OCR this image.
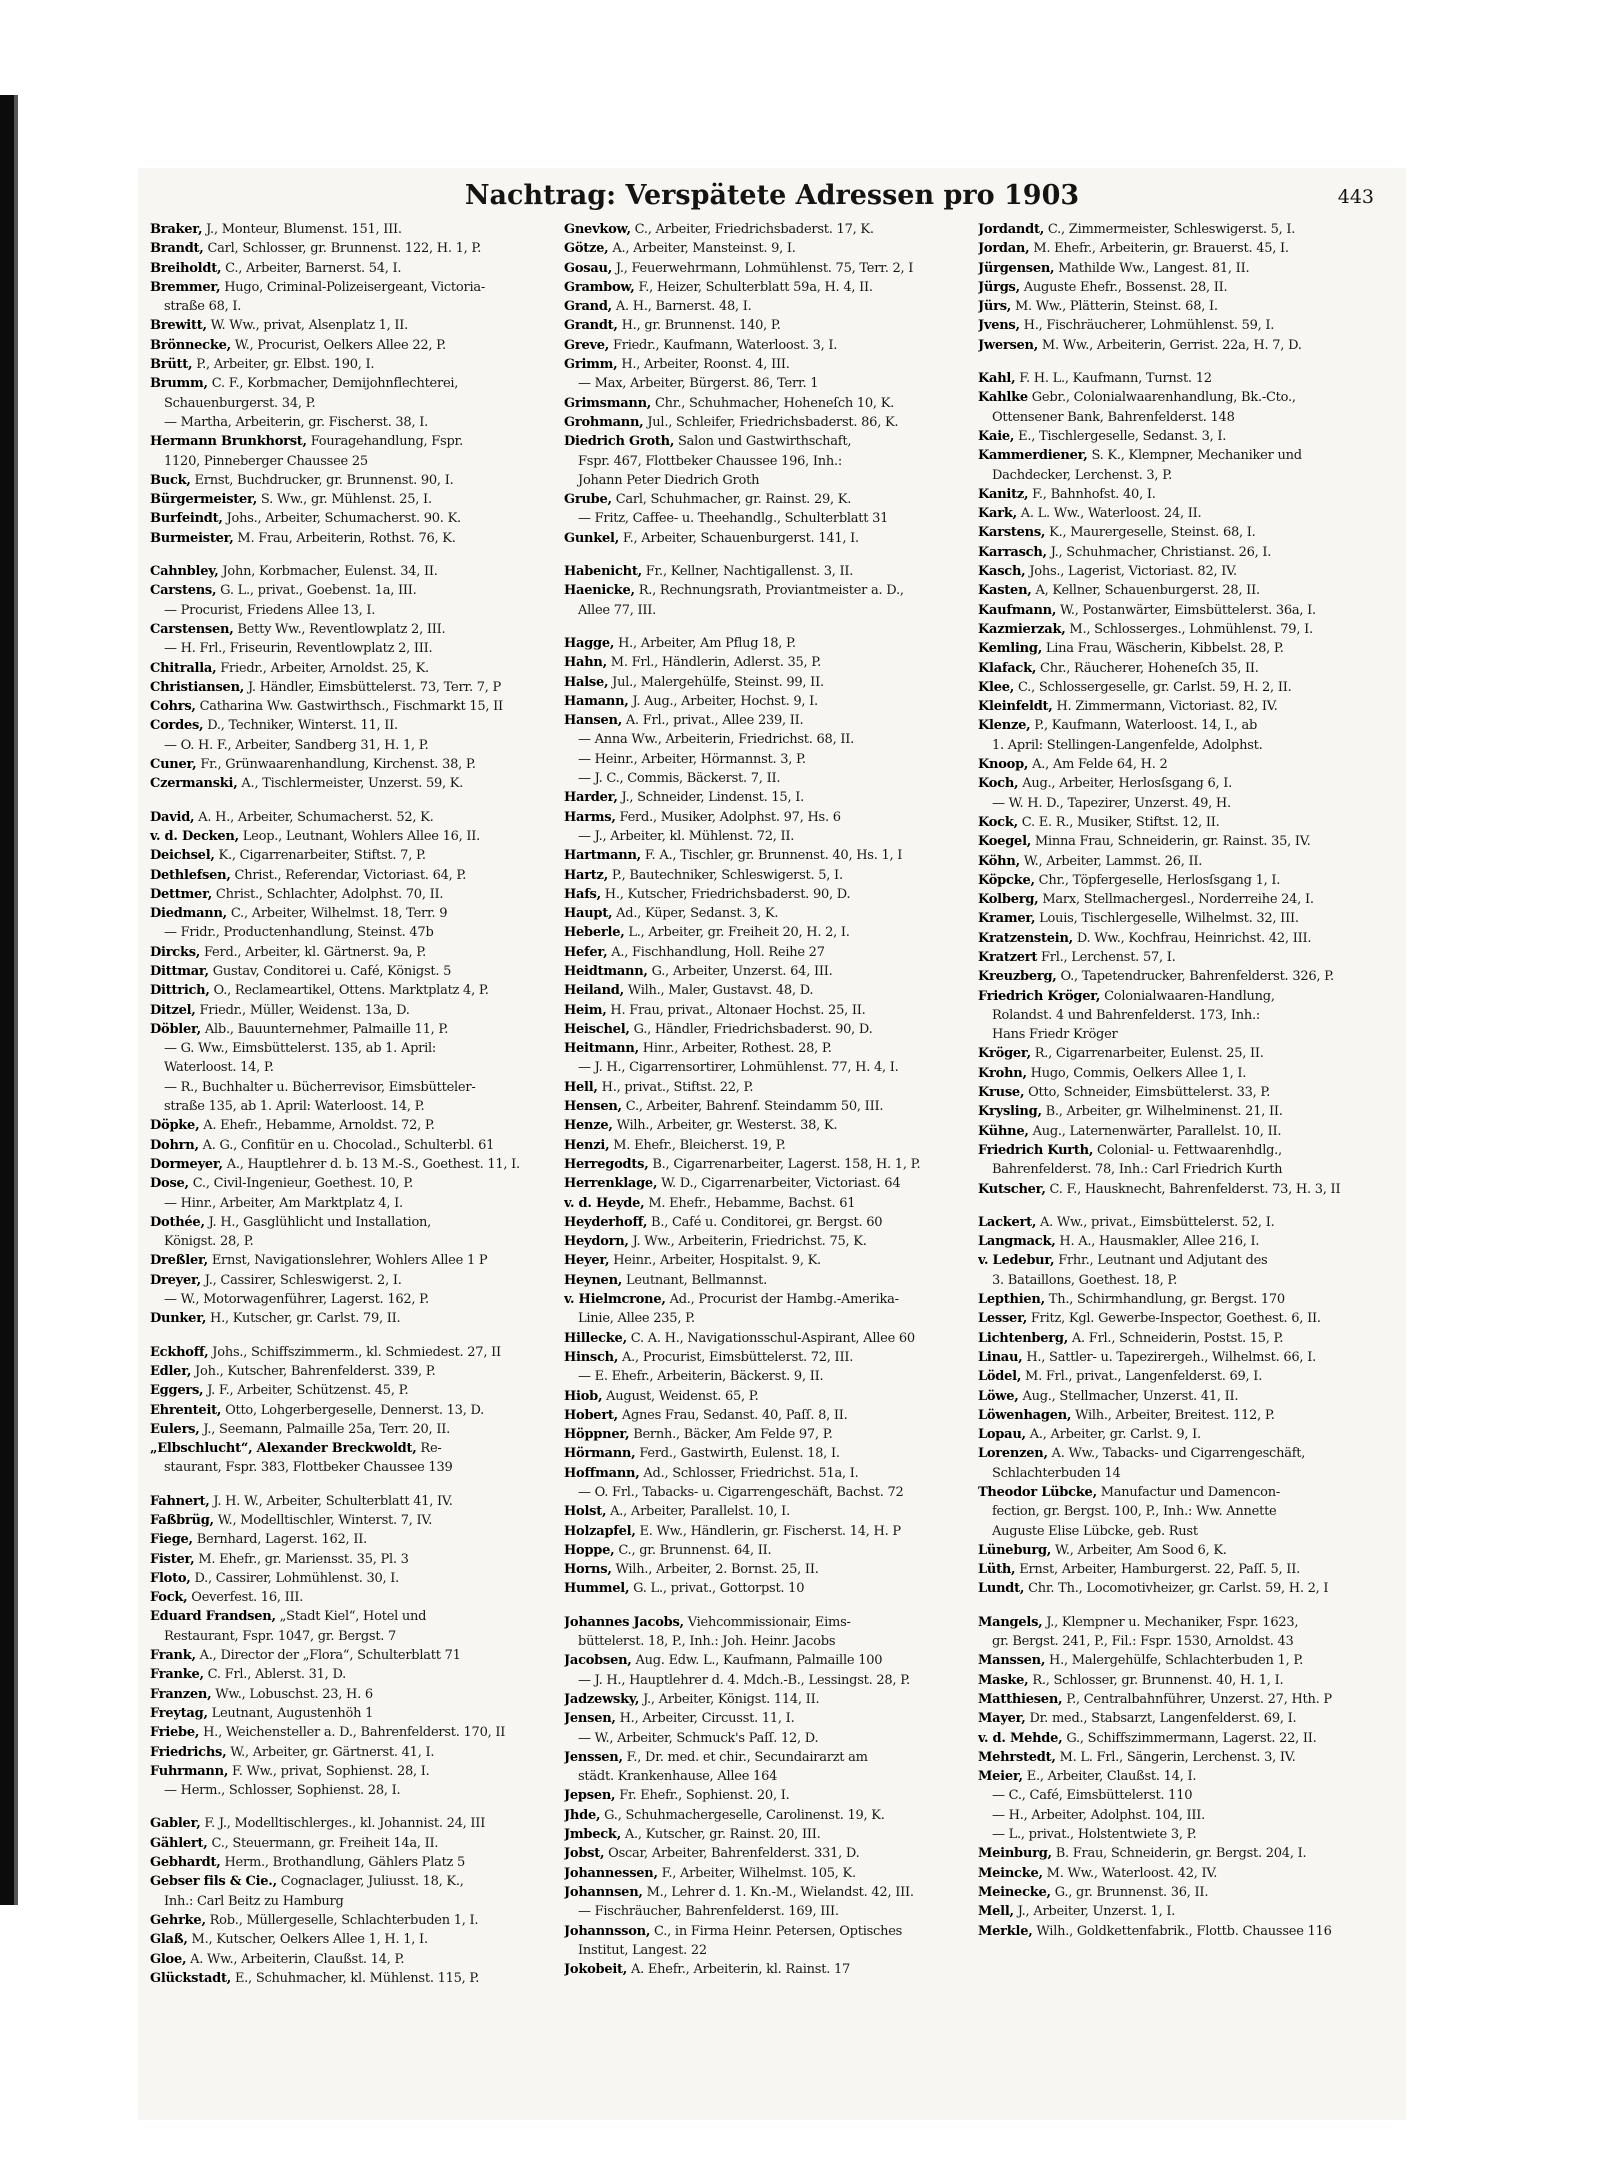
Nachtrag: Verspätete Adressen pro 1903	443
Braker, J., Monteur, Blumenst. 151, III.
Brandt, Carl, Schlosser, gr. Brunnenst. 122, H. 1, P.
Breiholdt, C., Arbeiter, Barnerst. 54, I.
Bremmer, Hugo, Criminal-Polizeisergeant, Victoria-
straße 68, I.
Brewitt, W. Ww., privat, Alsenplatz 1, II.
Brönnecke, W., Procurist, Oelkers Allee 22, P.
Brütt, P., Arbeiter, gr. Elbst. 190, I.
Brumm, C. F., Korbmacher, Demijohnflechterei,
Schauenburgerst. 34, P.
— Martha, Arbeiterin, gr. Fischerst. 38, I.
Hermann Brunkhorst, Fouragehandlung, Fspr.
1120, Pinneberger Chaussee 25
Buck, Ernst, Buchdrucker, gr. Brunnenst. 90, I.
Bürgermeister, S. Ww., gr. Mühlenst. 25, I.
Burfeindt, Johs., Arbeiter, Schumacherst. 90. K.
Burmeister, M. Frau, Arbeiterin, Rothst. 76, K.
Cahnbley, John, Korbmacher, Eulenst. 34, II.
Carstens, G. L., privat., Goebenst. 1a, III.
— Procurist, Friedens Allee 13, I.
Carstensen, Betty Ww., Reventlowplatz 2, III.
— H. Frl., Friseurin, Reventlowplatz 2, III.
Chitralla, Friedr., Arbeiter, Arnoldst. 25, K.
Christiansen, J. Händler, Eimsbüttelerst. 73, Terr. 7, P
Cohrs, Catharina Ww. Gastwirthsch., Fischmarkt 15, II
Cordes, D., Techniker, Winterst. 11, II.
— O. H. F., Arbeiter, Sandberg 31, H. 1, P.
Cuner, Fr., Grünwaarenhandlung, Kirchenst. 38, P.
Czermanski, A., Tischlermeister, Unzerst. 59, K.
David, A. H., Arbeiter, Schumacherst. 52, K.
v. d. Decken, Leop., Leutnant, Wohlers Allee 16, II.
Deichsel, K., Cigarrenarbeiter, Stiftst. 7, P.
Dethlefsen, Christ., Referendar, Victoriast. 64, P.
Dettmer, Christ., Schlachter, Adolphst. 70, II.
Diedmann, C., Arbeiter, Wilhelmst. 18, Terr. 9
— Fridr., Productenhandlung, Steinst. 47b
Dircks, Ferd., Arbeiter, kl. Gärtnerst. 9a, P.
Dittmar, Gustav, Conditorei u. Café, Königst. 5
Dittrich, O., Reclameartikel, Ottens. Marktplatz 4, P.
Ditzel, Friedr., Müller, Weidenst. 13a, D.
Döbler, Alb., Bauunternehmer, Palmaille 11, P.
— G. Ww., Eimsbüttelerst. 135, ab 1. April:
Waterloost. 14, P.
— R., Buchhalter u. Bücherrevisor, Eimsbütteler-
straße 135, ab 1. April: Waterloost. 14, P.
Döpke, A. Ehefr., Hebamme, Arnoldst. 72, P.
Dohrn, A. G., Confitür en u. Chocolad., Schulterbl. 61
Dormeyer, A., Hauptlehrer d. b. 13 M.-S., Goethest. 11, I.
Dose, C., Civil-Ingenieur, Goethest. 10, P.
— Hinr., Arbeiter, Am Marktplatz 4, I.
Dothée, J. H., Gasglühlicht und Installation,
Königst. 28, P.
Dreßler, Ernst, Navigationslehrer, Wohlers Allee 1 P
Dreyer, J., Cassirer, Schleswigerst. 2, I.
— W., Motorwagenführer, Lagerst. 162, P.
Dunker, H., Kutscher, gr. Carlst. 79, II.
Eckhoff, Johs., Schiffszimmerm., kl. Schmiedest. 27, II
Edler, Joh., Kutscher, Bahrenfelderst. 339, P.
Eggers, J. F., Arbeiter, Schützenst. 45, P.
Ehrenteit, Otto, Lohgerbergeselle, Dennerst. 13, D.
Eulers, J., Seemann, Palmaille 25a, Terr. 20, II.
„Elbschlucht“, Alexander Breckwoldt, Re-
staurant, Fspr. 383, Flottbeker Chaussee 139
Fahnert, J. H. W., Arbeiter, Schulterblatt 41, IV.
Faßbrüg, W., Modelltischler, Winterst. 7, IV.
Fiege, Bernhard, Lagerst. 162, II.
Fister, M. Ehefr., gr. Mariensst. 35, Pl. 3
Floto, D., Cassirer, Lohmühlenst. 30, I.
Fock, Oeverfest. 16, III.
Eduard Frandsen, „Stadt Kiel“, Hotel und
Restaurant, Fspr. 1047, gr. Bergst. 7
Frank, A., Director der „Flora“, Schulterblatt 71
Franke, C. Frl., Ablerst. 31, D.
Franzen, Ww., Lobuschst. 23, H. 6
Freytag, Leutnant, Augustenhöh 1
Friebe, H., Weichensteller a. D., Bahrenfelderst. 170, II
Friedrichs, W., Arbeiter, gr. Gärtnerst. 41, I.
Fuhrmann, F. Ww., privat, Sophienst. 28, I.
— Herm., Schlosser, Sophienst. 28, I.
Gabler, F. J., Modelltischlerges., kl. Johannist. 24, III
Gählert, C., Steuermann, gr. Freiheit 14a, II.
Gebhardt, Herm., Brothandlung, Gählers Platz 5
Gebser fils & Cie., Cognaclager, Juliusst. 18, K.,
Inh.: Carl Beitz zu Hamburg
Gehrke, Rob., Müllergeselle, Schlachterbuden 1, I.
Glaß, M., Kutscher, Oelkers Allee 1, H. 1, I.
Gloe, A. Ww., Arbeiterin, Claußst. 14, P.
Glückstadt, E., Schuhmacher, kl. Mühlenst. 115, P.
Gnevkow, C., Arbeiter, Friedrichsbaderst. 17, K.
Götze, A., Arbeiter, Mansteinst. 9, I.
Gosau, J., Feuerwehrmann, Lohmühlenst. 75, Terr. 2, I
Grambow, F., Heizer, Schulterblatt 59a, H. 4, II.
Grand, A. H., Barnerst. 48, I.
Grandt, H., gr. Brunnenst. 140, P.
Greve, Friedr., Kaufmann, Waterloost. 3, I.
Grimm, H., Arbeiter, Roonst. 4, III.
— Max, Arbeiter, Bürgerst. 86, Terr. 1
Grimsmann, Chr., Schuhmacher, Hoheneſch 10, K.
Grohmann, Jul., Schleifer, Friedrichsbaderst. 86, K.
Diedrich Groth, Salon und Gastwirthschaft,
Fspr. 467, Flottbeker Chaussee 196, Inh.:
Johann Peter Diedrich Groth
Grube, Carl, Schuhmacher, gr. Rainst. 29, K.
— Fritz, Caffee- u. Theehandlg., Schulterblatt 31
Gunkel, F., Arbeiter, Schauenburgerst. 141, I.
Habenicht, Fr., Kellner, Nachtigallenst. 3, II.
Haenicke, R., Rechnungsrath, Proviantmeister a. D.,
Allee 77, III.
Hagge, H., Arbeiter, Am Pflug 18, P.
Hahn, M. Frl., Händlerin, Adlerst. 35, P.
Halse, Jul., Malergehülfe, Steinst. 99, II.
Hamann, J. Aug., Arbeiter, Hochst. 9, I.
Hansen, A. Frl., privat., Allee 239, II.
— Anna Ww., Arbeiterin, Friedrichst. 68, II.
— Heinr., Arbeiter, Hörmannst. 3, P.
— J. C., Commis, Bäckerst. 7, II.
Harder, J., Schneider, Lindenst. 15, I.
Harms, Ferd., Musiker, Adolphst. 97, Hs. 6
— J., Arbeiter, kl. Mühlenst. 72, II.
Hartmann, F. A., Tischler, gr. Brunnenst. 40, Hs. 1, I
Hartz, P., Bautechniker, Schleswigerst. 5, I.
Hafs, H., Kutscher, Friedrichsbaderst. 90, D.
Haupt, Ad., Küper, Sedanst. 3, K.
Heberle, L., Arbeiter, gr. Freiheit 20, H. 2, I.
Hefer, A., Fischhandlung, Holl. Reihe 27
Heidtmann, G., Arbeiter, Unzerst. 64, III.
Heiland, Wilh., Maler, Gustavst. 48, D.
Heim, H. Frau, privat., Altonaer Hochst. 25, II.
Heischel, G., Händler, Friedrichsbaderst. 90, D.
Heitmann, Hinr., Arbeiter, Rothest. 28, P.
— J. H., Cigarrensortirer, Lohmühlenst. 77, H. 4, I.
Hell, H., privat., Stiftst. 22, P.
Hensen, C., Arbeiter, Bahrenf. Steindamm 50, III.
Henze, Wilh., Arbeiter, gr. Westerst. 38, K.
Henzi, M. Ehefr., Bleicherst. 19, P.
Herregodts, B., Cigarrenarbeiter, Lagerst. 158, H. 1, P.
Herrenklage, W. D., Cigarrenarbeiter, Victoriast. 64
v. d. Heyde, M. Ehefr., Hebamme, Bachst. 61
Heyderhoff, B., Café u. Conditorei, gr. Bergst. 60
Heydorn, J. Ww., Arbeiterin, Friedrichst. 75, K.
Heyer, Heinr., Arbeiter, Hospitalst. 9, K.
Heynen, Leutnant, Bellmannst.
v. Hielmcrone, Ad., Procurist der Hambg.-Amerika-
Linie, Allee 235, P.
Hillecke, C. A. H., Navigationsschul-Aspirant, Allee 60
Hinsch, A., Procurist, Eimsbüttelerst. 72, III.
— E. Ehefr., Arbeiterin, Bäckerst. 9, II.
Hiob, August, Weidenst. 65, P.
Hobert, Agnes Frau, Sedanst. 40, Paſſ. 8, II.
Höppner, Bernh., Bäcker, Am Felde 97, P.
Hörmann, Ferd., Gastwirth, Eulenst. 18, I.
Hoffmann, Ad., Schlosser, Friedrichst. 51a, I.
— O. Frl., Tabacks- u. Cigarrengeschäft, Bachst. 72
Holst, A., Arbeiter, Parallelst. 10, I.
Holzapfel, E. Ww., Händlerin, gr. Fischerst. 14, H. P
Hoppe, C., gr. Brunnenst. 64, II.
Horns, Wilh., Arbeiter, 2. Bornst. 25, II.
Hummel, G. L., privat., Gottorpst. 10
Johannes Jacobs, Viehcommissionair, Eims-
büttelerst. 18, P., Inh.: Joh. Heinr. Jacobs
Jacobsen, Aug. Edw. L., Kaufmann, Palmaille 100
— J. H., Hauptlehrer d. 4. Mdch.-B., Lessingst. 28, P.
Jadzewsky, J., Arbeiter, Königst. 114, II.
Jensen, H., Arbeiter, Circusst. 11, I.
— W., Arbeiter, Schmuck's Paſſ. 12, D.
Jenssen, F., Dr. med. et chir., Secundairarzt am
städt. Krankenhause, Allee 164
Jepsen, Fr. Ehefr., Sophienst. 20, I.
Jhde, G., Schuhmachergeselle, Carolinenst. 19, K.
Jmbeck, A., Kutscher, gr. Rainst. 20, III.
Jobst, Oscar, Arbeiter, Bahrenfelderst. 331, D.
Johannessen, F., Arbeiter, Wilhelmst. 105, K.
Johannsen, M., Lehrer d. 1. Kn.-M., Wielandst. 42, III.
— Fischräucher, Bahrenfelderst. 169, III.
Johannsson, C., in Firma Heinr. Petersen, Optisches
Institut, Langest. 22
Jokobeit, A. Ehefr., Arbeiterin, kl. Rainst. 17
Jordandt, C., Zimmermeister, Schleswigerst. 5, I.
Jordan, M. Ehefr., Arbeiterin, gr. Brauerst. 45, I.
Jürgensen, Mathilde Ww., Langest. 81, II.
Jürgs, Auguste Ehefr., Bossenst. 28, II.
Jürs, M. Ww., Plätterin, Steinst. 68, I.
Jvens, H., Fischräucherer, Lohmühlenst. 59, I.
Jwersen, M. Ww., Arbeiterin, Gerrist. 22a, H. 7, D.
Kahl, F. H. L., Kaufmann, Turnst. 12
Kahlke Gebr., Colonialwaarenhandlung, Bk.-Cto.,
Ottensener Bank, Bahrenfelderst. 148
Kaie, E., Tischlergeselle, Sedanst. 3, I.
Kammerdiener, S. K., Klempner, Mechaniker und
Dachdecker, Lerchenst. 3, P.
Kanitz, F., Bahnhofst. 40, I.
Kark, A. L. Ww., Waterloost. 24, II.
Karstens, K., Maurergeselle, Steinst. 68, I.
Karrasch, J., Schuhmacher, Christianst. 26, I.
Kasch, Johs., Lagerist, Victoriast. 82, IV.
Kasten, A, Kellner, Schauenburgerst. 28, II.
Kaufmann, W., Postanwärter, Eimsbüttelerst. 36a, I.
Kazmierzak, M., Schlosserges., Lohmühlenst. 79, I.
Kemling, Lina Frau, Wäscherin, Kibbelst. 28, P.
Klafack, Chr., Räucherer, Hoheneſch 35, II.
Klee, C., Schlossergeselle, gr. Carlst. 59, H. 2, II.
Kleinfeldt, H. Zimmermann, Victoriast. 82, IV.
Klenze, P., Kaufmann, Waterloost. 14, I., ab
1. April: Stellingen-Langenfelde, Adolphst.
Knoop, A., Am Felde 64, H. 2
Koch, Aug., Arbeiter, Herlosſsgang 6, I.
— W. H. D., Tapezirer, Unzerst. 49, H.
Kock, C. E. R., Musiker, Stiftst. 12, II.
Koegel, Minna Frau, Schneiderin, gr. Rainst. 35, IV.
Köhn, W., Arbeiter, Lammst. 26, II.
Köpcke, Chr., Töpfergeselle, Herlosſsgang 1, I.
Kolberg, Marx, Stellmachergesl., Norderreihe 24, I.
Kramer, Louis, Tischlergeselle, Wilhelmst. 32, III.
Kratzenstein, D. Ww., Kochfrau, Heinrichst. 42, III.
Kratzert Frl., Lerchenst. 57, I.
Kreuzberg, O., Tapetendrucker, Bahrenfelderst. 326, P.
Friedrich Kröger, Colonialwaaren-Handlung,
Rolandst. 4 und Bahrenfelderst. 173, Inh.:
Hans Friedr Kröger
Kröger, R., Cigarrenarbeiter, Eulenst. 25, II.
Krohn, Hugo, Commis, Oelkers Allee 1, I.
Kruse, Otto, Schneider, Eimsbüttelerst. 33, P.
Krysling, B., Arbeiter, gr. Wilhelminenst. 21, II.
Kühne, Aug., Laternenwärter, Parallelst. 10, II.
Friedrich Kurth, Colonial- u. Fettwaarenhdlg.,
Bahrenfelderst. 78, Inh.: Carl Friedrich Kurth
Kutscher, C. F., Hausknecht, Bahrenfelderst. 73, H. 3, II
Lackert, A. Ww., privat., Eimsbüttelerst. 52, I.
Langmack, H. A., Hausmakler, Allee 216, I.
v. Ledebur, Frhr., Leutnant und Adjutant des
3. Bataillons, Goethest. 18, P.
Lepthien, Th., Schirmhandlung, gr. Bergst. 170
Lesser, Fritz, Kgl. Gewerbe-Inspector, Goethest. 6, II.
Lichtenberg, A. Frl., Schneiderin, Postst. 15, P.
Linau, H., Sattler- u. Tapezirergeh., Wilhelmst. 66, I.
Lödel, M. Frl., privat., Langenfelderst. 69, I.
Löwe, Aug., Stellmacher, Unzerst. 41, II.
Löwenhagen, Wilh., Arbeiter, Breitest. 112, P.
Lopau, A., Arbeiter, gr. Carlst. 9, I.
Lorenzen, A. Ww., Tabacks- und Cigarrengeschäft,
Schlachterbuden 14
Theodor Lübcke, Manufactur und Damencon-
fection, gr. Bergst. 100, P., Inh.: Ww. Annette
Auguste Elise Lübcke, geb. Rust
Lüneburg, W., Arbeiter, Am Sood 6, K.
Lüth, Ernst, Arbeiter, Hamburgerst. 22, Paſſ. 5, II.
Lundt, Chr. Th., Locomotivheizer, gr. Carlst. 59, H. 2, I
Mangels, J., Klempner u. Mechaniker, Fspr. 1623,
gr. Bergst. 241, P., Fil.: Fspr. 1530, Arnoldst. 43
Manssen, H., Malergehülfe, Schlachterbuden 1, P.
Maske, R., Schlosser, gr. Brunnenst. 40, H. 1, I.
Matthiesen, P., Centralbahnführer, Unzerst. 27, Hth. P
Mayer, Dr. med., Stabsarzt, Langenfelderst. 69, I.
v. d. Mehde, G., Schiffszimmermann, Lagerst. 22, II.
Mehrstedt, M. L. Frl., Sängerin, Lerchenst. 3, IV.
Meier, E., Arbeiter, Claußst. 14, I.
— C., Café, Eimsbüttelerst. 110
— H., Arbeiter, Adolphst. 104, III.
— L., privat., Holstentwiete 3, P.
Meinburg, B. Frau, Schneiderin, gr. Bergst. 204, I.
Meincke, M. Ww., Waterloost. 42, IV.
Meinecke, G., gr. Brunnenst. 36, II.
Mell, J., Arbeiter, Unzerst. 1, I.
Merkle, Wilh., Goldkettenfabrik., Flottb. Chaussee 116
